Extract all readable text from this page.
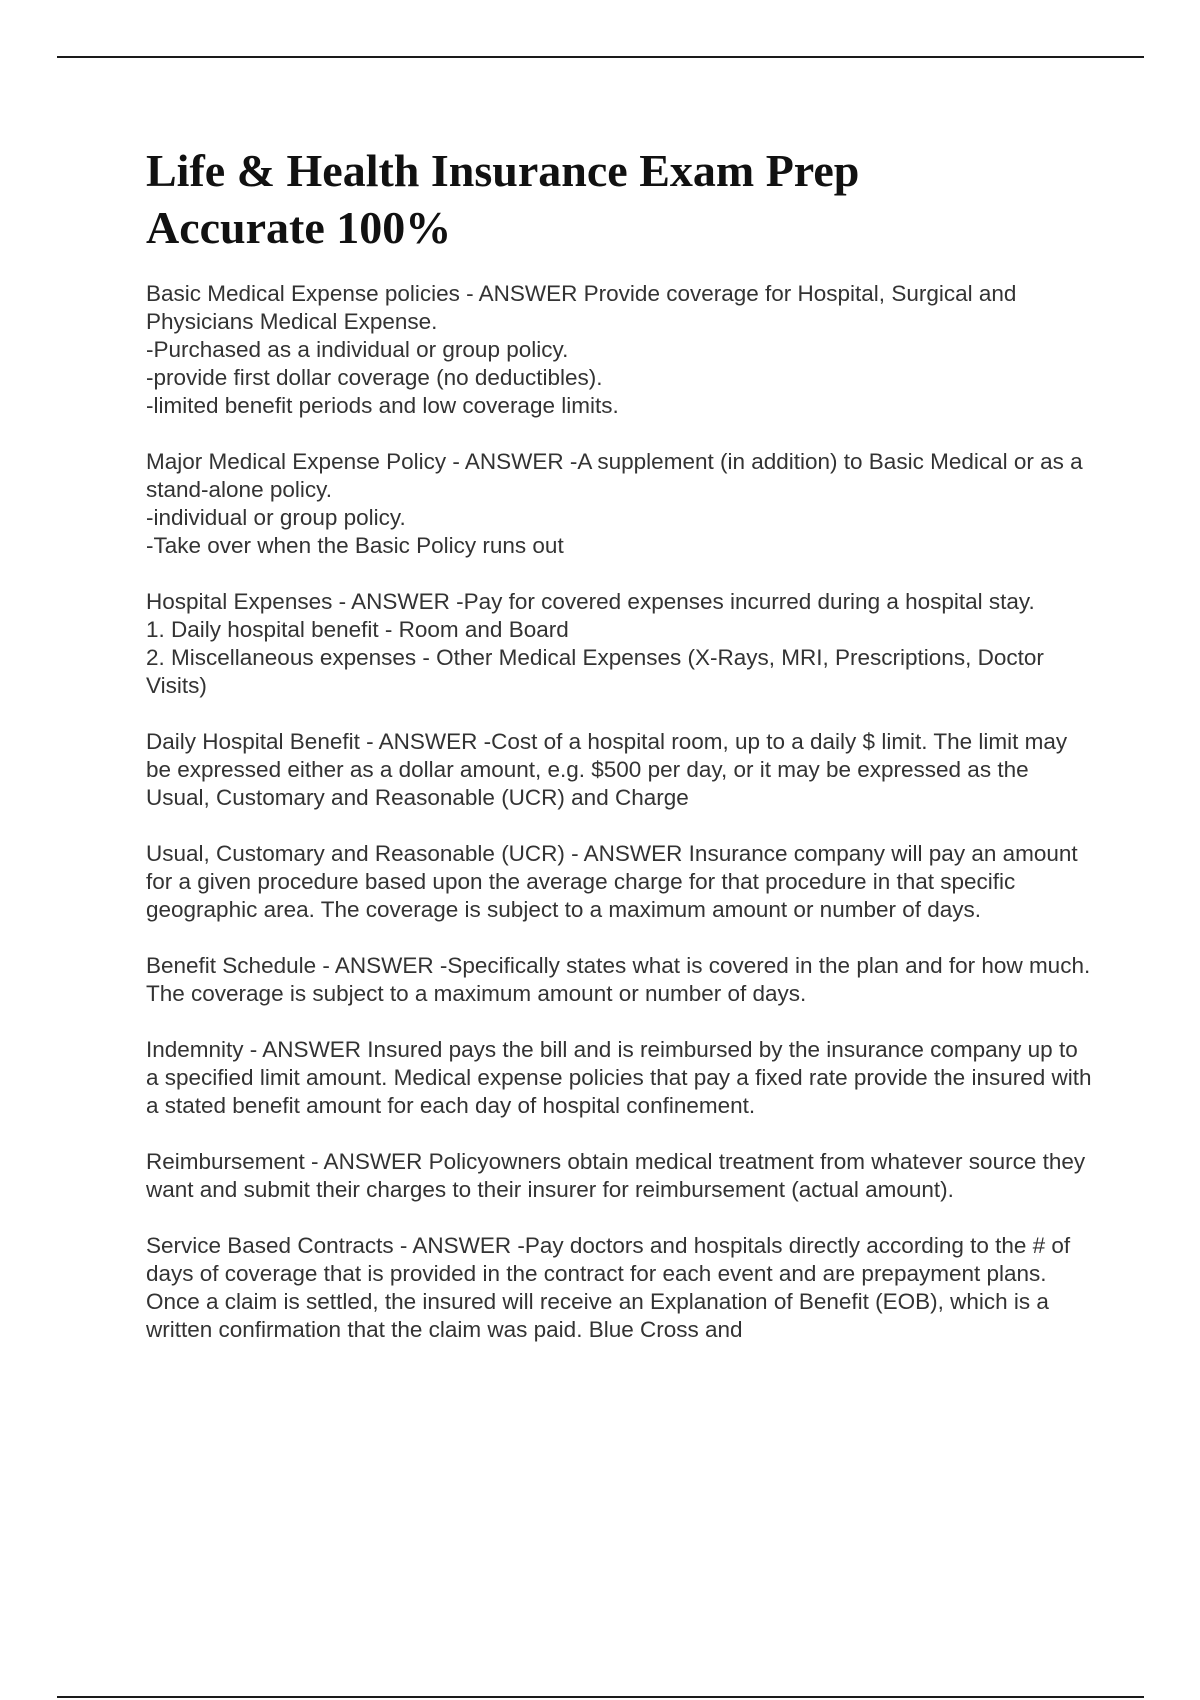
Life & Health Insurance Exam Prep
Accurate 100%

Basic Medical Expense policies - ANSWER Provide coverage for Hospital, Surgical and Physicians Medical Expense.
-Purchased as a individual or group policy.
-provide first dollar coverage (no deductibles).
-limited benefit periods and low coverage limits.

Major Medical Expense Policy - ANSWER -A supplement (in addition) to Basic Medical or as a stand-alone policy.
-individual or group policy.
-Take over when the Basic Policy runs out

Hospital Expenses - ANSWER -Pay for covered expenses incurred during a hospital stay.
1. Daily hospital benefit - Room and Board
2. Miscellaneous expenses - Other Medical Expenses (X-Rays, MRI, Prescriptions, Doctor Visits)

Daily Hospital Benefit - ANSWER -Cost of a hospital room, up to a daily $ limit. The limit may be expressed either as a dollar amount, e.g. $500 per day, or it may be expressed as the Usual, Customary and Reasonable (UCR) and Charge

Usual, Customary and Reasonable (UCR) - ANSWER Insurance company will pay an amount for a given procedure based upon the average charge for that procedure in that specific geographic area. The coverage is subject to a maximum amount or number of days.

Benefit Schedule - ANSWER -Specifically states what is covered in the plan and for how much. The coverage is subject to a maximum amount or number of days.

Indemnity - ANSWER Insured pays the bill and is reimbursed by the insurance company up to a specified limit amount. Medical expense policies that pay a fixed rate provide the insured with a stated benefit amount for each day of hospital confinement.

Reimbursement - ANSWER Policyowners obtain medical treatment from whatever source they want and submit their charges to their insurer for reimbursement (actual amount).

Service Based Contracts - ANSWER -Pay doctors and hospitals directly according to the # of days of coverage that is provided in the contract for each event and are prepayment plans. Once a claim is settled, the insured will receive an Explanation of Benefit (EOB), which is a written confirmation that the claim was paid. Blue Cross and
